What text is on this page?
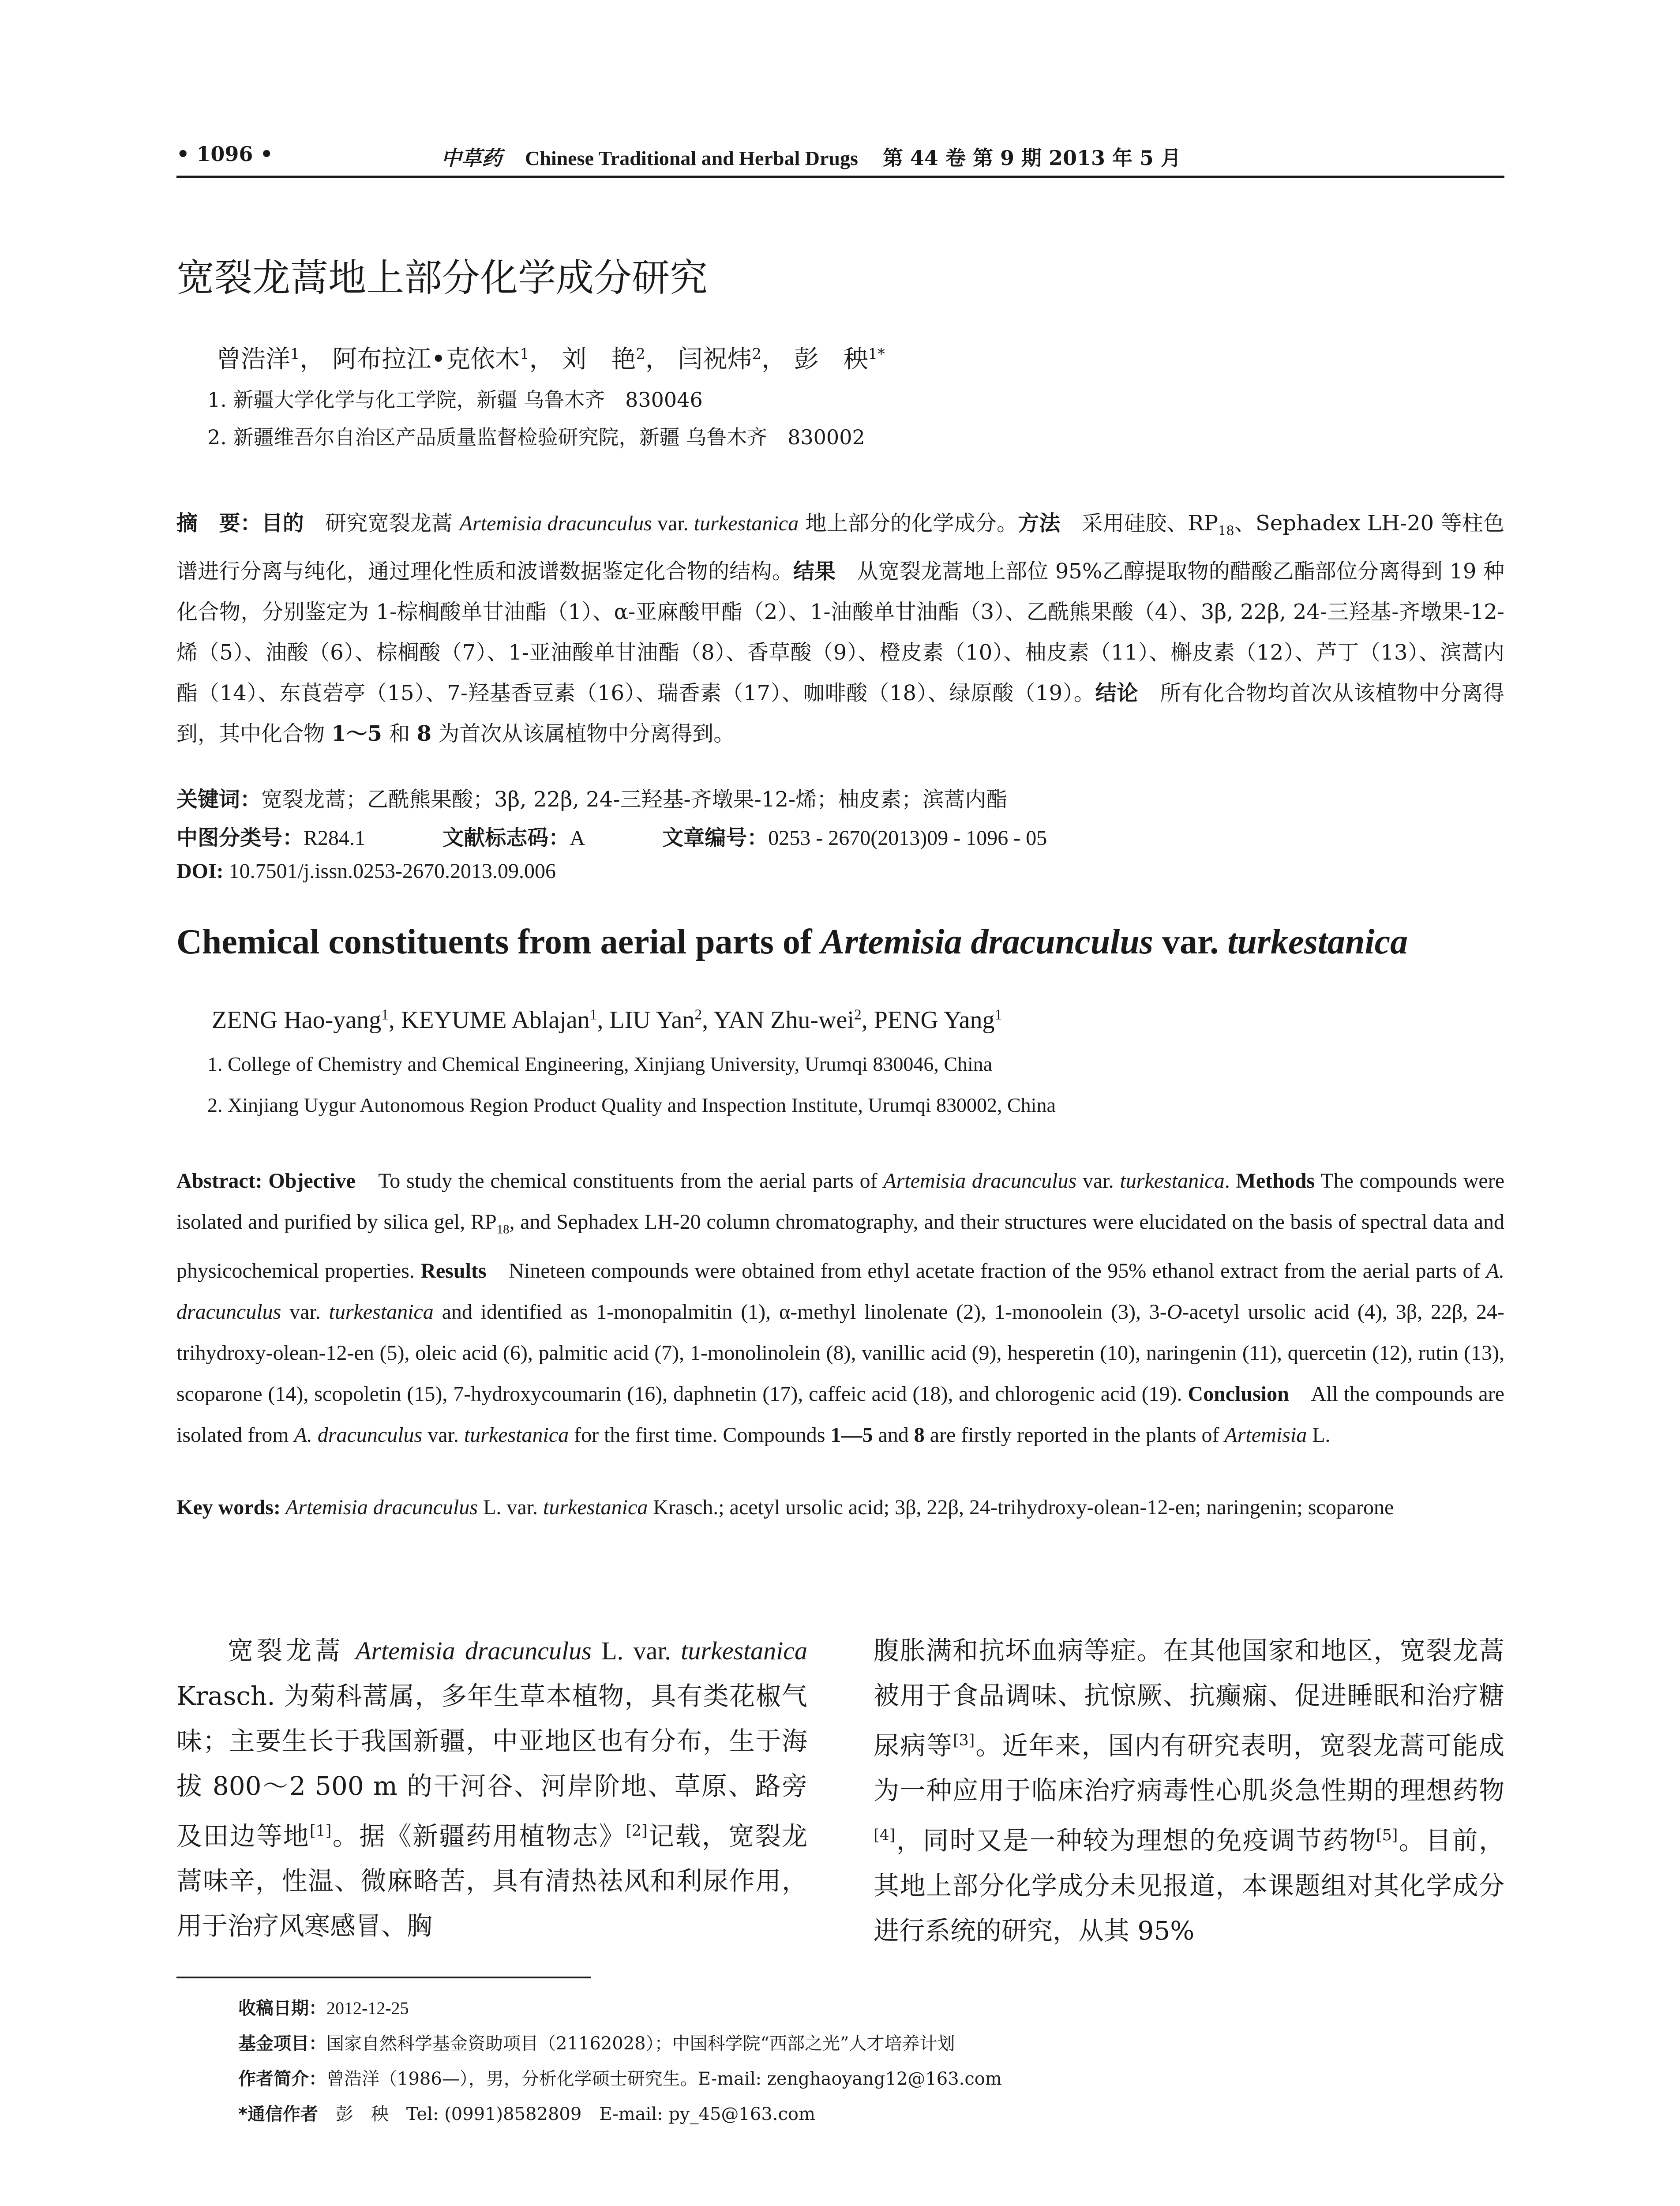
• 1096 •	中草药 Chinese Traditional and Herbal Drugs 第 44 卷 第 9 期 2013 年 5 月
宽裂龙蒿地上部分化学成分研究
曾浩洋$^1$， 阿布拉江•克依木$^1$， 刘　艳$^2$， 闫祝炜$^2$， 彭　秧$^{1*}$
1. 新疆大学化学与化工学院，新疆 乌鲁木齐　830046
2. 新疆维吾尔自治区产品质量监督检验研究院，新疆 乌鲁木齐　830002
摘　要：目的　研究宽裂龙蒿 Artemisia dracunculus var. turkestanica 地上部分的化学成分。方法　采用硅胶、$RP_{18}$、Sephadex LH-20 等柱色谱进行分离与纯化，通过理化性质和波谱数据鉴定化合物的结构。结果　从宽裂龙蒿地上部位 95%乙醇提取物的醋酸乙酯部位分离得到 19 种化合物，分别鉴定为 1-棕榈酸单甘油酯（1）、α-亚麻酸甲酯（2）、1-油酸单甘油酯（3）、乙酰熊果酸（4）、3β, 22β, 24-三羟基-齐墩果-12-烯（5）、油酸（6）、棕榈酸（7）、1-亚油酸单甘油酯（8）、香草酸（9）、橙皮素（10）、柚皮素（11）、槲皮素（12）、芦丁（13）、滨蒿内酯（14）、东莨菪亭（15）、7-羟基香豆素（16）、瑞香素（17）、咖啡酸（18）、绿原酸（19）。结论　所有化合物均首次从该植物中分离得到，其中化合物 1～5 和 8 为首次从该属植物中分离得到。
关键词：宽裂龙蒿；乙酰熊果酸；3β, 22β, 24-三羟基-齐墩果-12-烯；柚皮素；滨蒿内酯
中图分类号：R284.1	文献标志码：A	文章编号：0253 - 2670(2013)09 - 1096 - 05
DOI: 10.7501/j.issn.0253-2670.2013.09.006
Chemical constituents from aerial parts of Artemisia dracunculus var. turkestanica
ZENG Hao-yang$^1$, KEYUME Ablajan$^1$, LIU Yan$^2$, YAN Zhu-wei$^2$, PENG Yang$^1$
1. College of Chemistry and Chemical Engineering, Xinjiang University, Urumqi 830046, China
2. Xinjiang Uygur Autonomous Region Product Quality and Inspection Institute, Urumqi 830002, China
Abstract: Objective　To study the chemical constituents from the aerial parts of Artemisia dracunculus var. turkestanica. Methods The compounds were isolated and purified by silica gel, $RP_{18}$, and Sephadex LH-20 column chromatography, and their structures were elucidated on the basis of spectral data and physicochemical properties. Results　Nineteen compounds were obtained from ethyl acetate fraction of the 95% ethanol extract from the aerial parts of A. dracunculus var. turkestanica and identified as 1-monopalmitin (1), α-methyl linolenate (2), 1-monoolein (3), 3-O-acetyl ursolic acid (4), 3β, 22β, 24-trihydroxy-olean-12-en (5), oleic acid (6), palmitic acid (7), 1-monolinolein (8), vanillic acid (9), hesperetin (10), naringenin (11), quercetin (12), rutin (13), scoparone (14), scopoletin (15), 7-hydroxycoumarin (16), daphnetin (17), caffeic acid (18), and chlorogenic acid (19). Conclusion　All the compounds are isolated from A. dracunculus var. turkestanica for the first time. Compounds 1—5 and 8 are firstly reported in the plants of Artemisia L.
Key words: Artemisia dracunculus L. var. turkestanica Krasch.; acetyl ursolic acid; 3β, 22β, 24-trihydroxy-olean-12-en; naringenin; scoparone
宽裂龙蒿 Artemisia dracunculus L. var. turkestanica Krasch. 为菊科蒿属，多年生草本植物，具有类花椒气味；主要生长于我国新疆，中亚地区也有分布，生于海拔 800～2 500 m 的干河谷、河岸阶地、草原、路旁及田边等地[1]。据《新疆药用植物志》[2]记载，宽裂龙蒿味辛，性温、微麻略苦，具有清热祛风和利尿作用，用于治疗风寒感冒、胸
腹胀满和抗坏血病等症。在其他国家和地区，宽裂龙蒿被用于食品调味、抗惊厥、抗癫痫、促进睡眠和治疗糖尿病等[3]。近年来，国内有研究表明，宽裂龙蒿可能成为一种应用于临床治疗病毒性心肌炎急性期的理想药物[4]，同时又是一种较为理想的免疫调节药物[5]。目前，其地上部分化学成分未见报道，本课题组对其化学成分进行系统的研究，从其 95%
收稿日期：2012-12-25
基金项目：国家自然科学基金资助项目（21162028）；中国科学院“西部之光”人才培养计划
作者简介：曾浩洋（1986—），男，分析化学硕士研究生。E-mail: zenghaoyang12@163.com
*通信作者　彭　秧　Tel: (0991)8582809　E-mail: py_45@163.com
